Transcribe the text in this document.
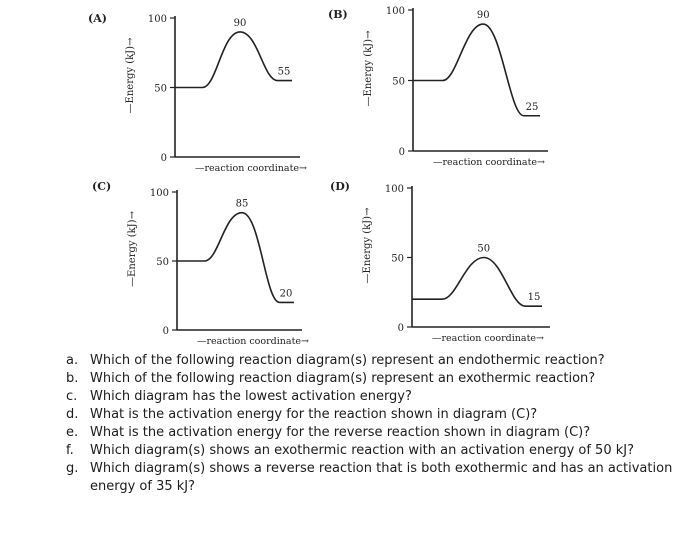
(A)	100
50
0
—Energy (kJ)→
—reaction coordinate→
90
55
(B)	100
50
0
—Energy (kJ)→
—reaction coordinate→
90
25
(C)
100
50
0
—Energy (kJ)→
—reaction coordinate→
85
20
(D)	100
50
0
—Energy (kJ)→
—reaction coordinate→
50
15
a. Which of the following reaction diagram(s) represent an endothermic reaction?
b. Which of the following reaction diagram(s) represent an exothermic reaction?
c. Which diagram has the lowest activation energy?
d. What is the activation energy for the reaction shown in diagram (C)?
e. What is the activation energy for the reverse reaction shown in diagram (C)?
f. Which diagram(s) shows an exothermic reaction with an activation energy of 50 kJ?
g. Which diagram(s) shows a reverse reaction that is both exothermic and has an activation energy of 35 kJ?
